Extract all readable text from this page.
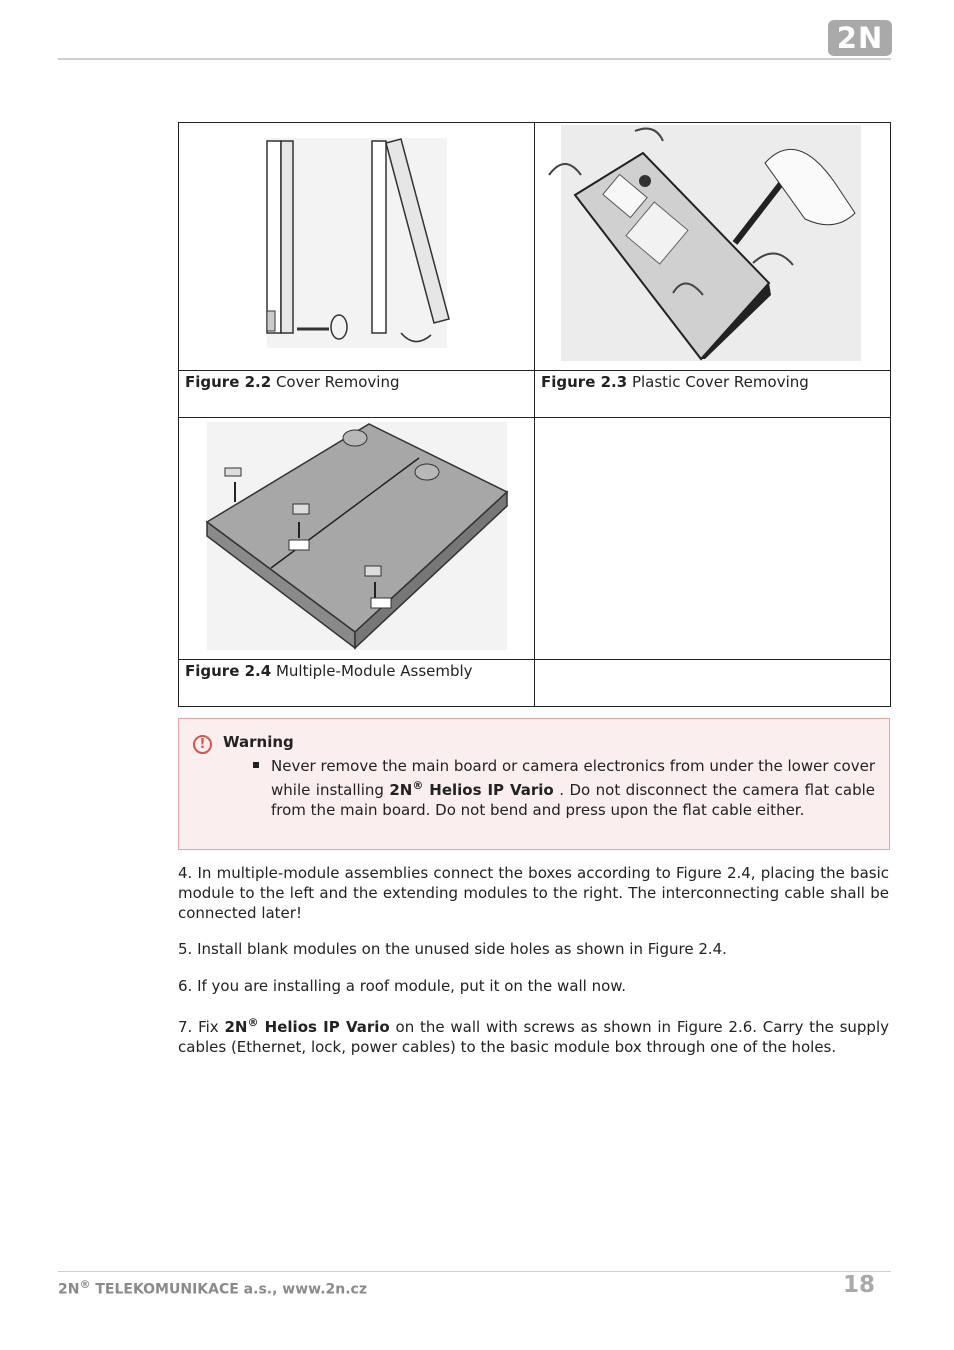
2N

Figure 2.2 Cover Removing	Figure 2.3 Plastic Cover Removing

Figure 2.4 Multiple-Module Assembly	
!	Warning
Never remove the main board or camera electronics from under the lower cover while installing 2N® Helios IP Vario . Do not disconnect the camera flat cable from the main board. Do not bend and press upon the flat cable either.
4. In multiple-module assemblies connect the boxes according to Figure 2.4, placing the basic module to the left and the extending modules to the right. The interconnecting cable shall be connected later!
5. Install blank modules on the unused side holes as shown in Figure 2.4.
6. If you are installing a roof module, put it on the wall now.
7. Fix 2N® Helios IP Vario on the wall with screws as shown in Figure 2.6. Carry the supply cables (Ethernet, lock, power cables) to the basic module box through one of the holes.
2N® TELEKOMUNIKACE a.s., www.2n.cz	18
